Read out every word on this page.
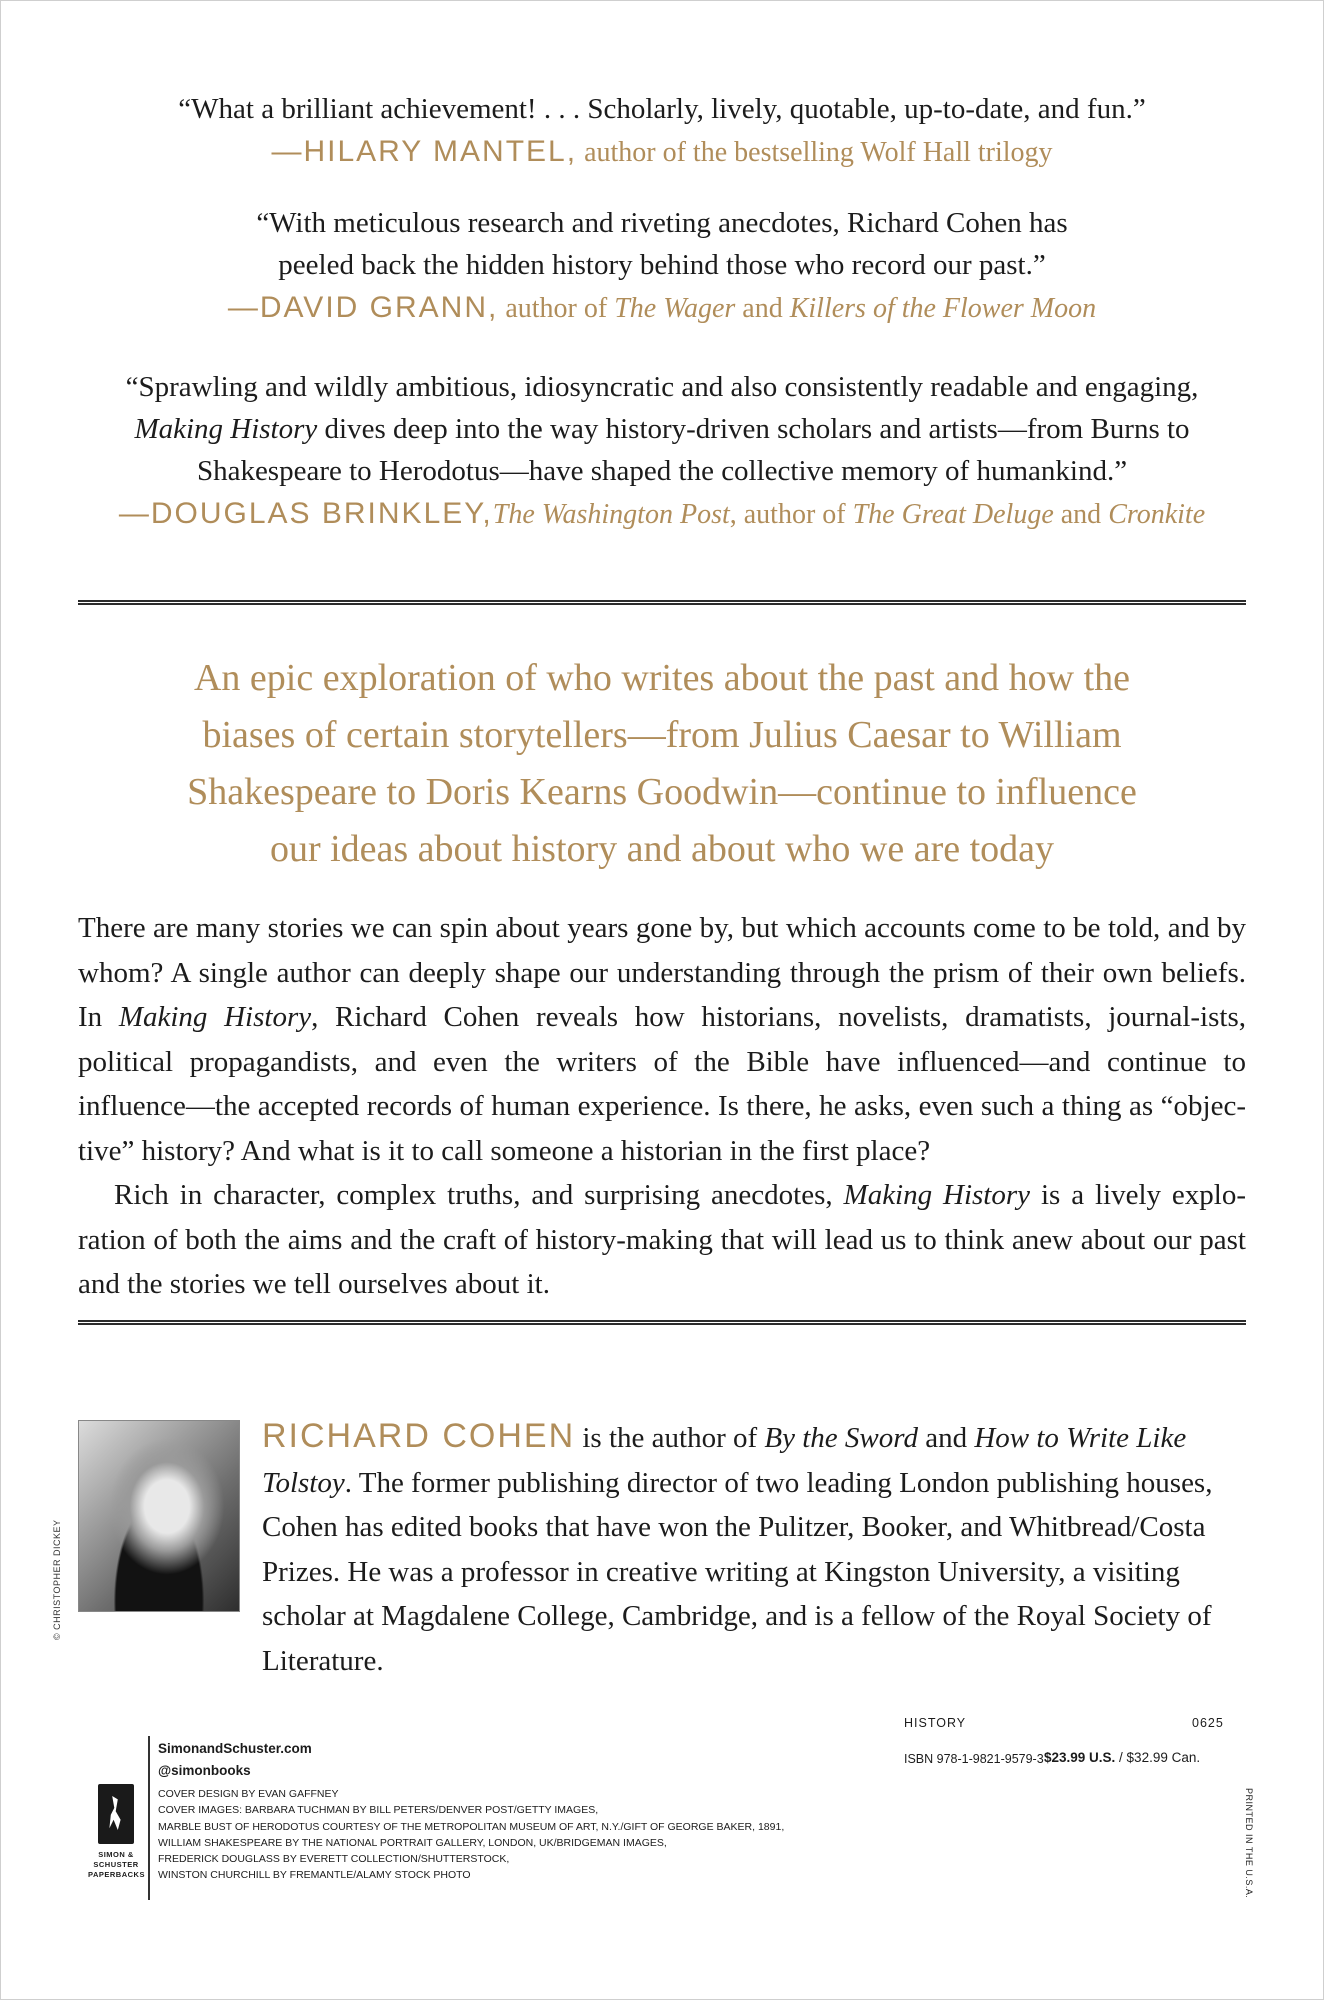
“What a brilliant achievement! . . . Scholarly, lively, quotable, up-to-date, and fun.”
—HILARY MANTEL, author of the bestselling Wolf Hall trilogy
“With meticulous research and riveting anecdotes, Richard Cohen has
peeled back the hidden history behind those who record our past.”
—DAVID GRANN, author of The Wager and Killers of the Flower Moon
“Sprawling and wildly ambitious, idiosyncratic and also consistently readable and engaging,
Making History dives deep into the way history-driven scholars and artists—from Burns to
Shakespeare to Herodotus—have shaped the collective memory of humankind.”
—DOUGLAS BRINKLEY,The Washington Post, author of The Great Deluge and Cronkite
An epic exploration of who writes about the past and how the
biases of certain storytellers—from Julius Caesar to William
Shakespeare to Doris Kearns Goodwin—continue to influence
our ideas about history and about who we are today

There are many stories we can spin about years gone by, but which accounts come to be told, and by whom? A single author can deeply shape our understanding through the prism of their own beliefs. In Making History, Richard Cohen reveals how historians, novelists, dramatists, journal-ists, political propagandists, and even the writers of the Bible have influenced—and continue to influence—the accepted records of human experience. Is there, he asks, even such a thing as “objec-tive” history? And what is it to call someone a historian in the first place?

Rich in character, complex truths, and surprising anecdotes, Making History is a lively explo-ration of both the aims and the craft of history-making that will lead us to think anew about our past and the stories we tell ourselves about it.

© CHRISTOPHER DICKEY
RICHARD COHEN is the author of By the Sword and How to Write Like Tolstoy. The former publishing director of two leading London publishing houses, Cohen has edited books that have won the Pulitzer, Booker, and Whitbread/Costa Prizes. He was a professor in creative writing at Kingston University, a visiting scholar at Magdalene College, Cambridge, and is a fellow of the Royal Society of Literature.
SIMON &
SCHUSTER
PAPERBACKS
SimonandSchuster.com
@simonbooks
COVER DESIGN BY EVAN GAFFNEY
COVER IMAGES: BARBARA TUCHMAN BY BILL PETERS/DENVER POST/GETTY IMAGES,
MARBLE BUST OF HERODOTUS COURTESY OF THE METROPOLITAN MUSEUM OF ART, N.Y./GIFT OF GEORGE BAKER, 1891,
WILLIAM SHAKESPEARE BY THE NATIONAL PORTRAIT GALLERY, LONDON, UK/BRIDGEMAN IMAGES,
FREDERICK DOUGLASS BY EVERETT COLLECTION/SHUTTERSTOCK,
WINSTON CHURCHILL BY FREMANTLE/ALAMY STOCK PHOTO
HISTORY	0625
ISBN 978-1-9821-9579-3 $23.99 U.S. / $32.99 Can.
PRINTED IN THE U.S.A.
